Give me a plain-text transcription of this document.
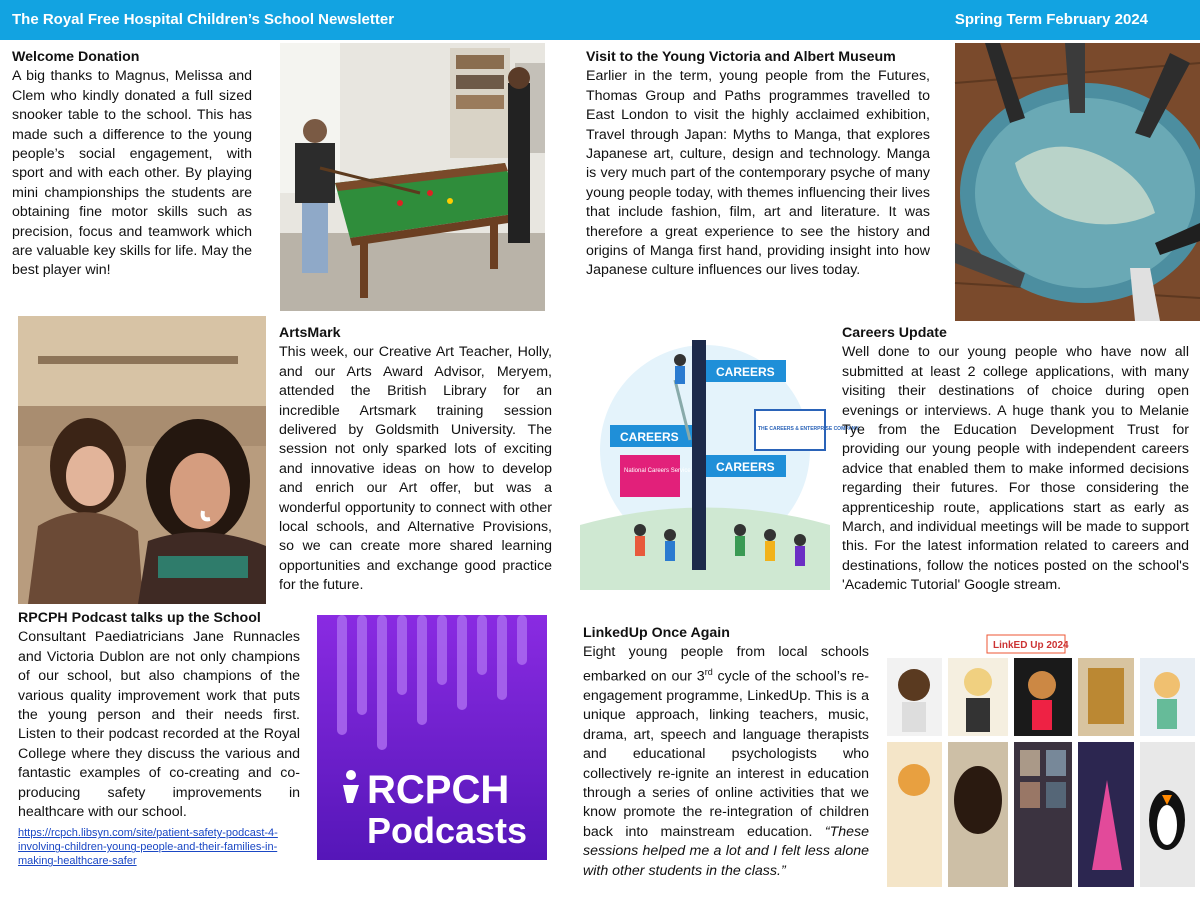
The Royal Free Hospital Children’s School Newsletter	Spring Term February 2024
Welcome Donation

A big thanks to Magnus, Melissa and Clem who kindly donated a full sized snooker table to the school. This has made such a difference to the young people’s social engagement, with sport and with each other. By playing mini championships the students are obtaining fine motor skills such as precision, focus and teamwork which are valuable key skills for life. May the best player win!

Visit to the Young Victoria and Albert Museum

Earlier in the term, young people from the Futures, Thomas Group and Paths programmes travelled to East London to visit the highly acclaimed exhibition, Travel through Japan: Myths to Manga, that explores Japanese art, culture, design and technology. Manga is very much part of the contemporary psyche of many young people today, with themes influencing their lives that include fashion, film, art and literature. It was therefore a great experience to see the history and origins of Manga first hand, providing insight into how Japanese culture influences our lives today.

ArtsMark

This week, our Creative Art Teacher, Holly, and our Arts Award Advisor, Meryem, attended the British Library for an incredible Artsmark training session delivered by Goldsmith University. The session not only sparked lots of exciting and innovative ideas on how to develop and enrich our Art offer, but was a wonderful opportunity to connect with other local schools, and Alternative Provisions, so we can create more shared learning opportunities and exchange good practice for the future.

CAREERS
CAREERS
CAREERS
National Careers Service
THE CAREERS & ENTERPRISE COMPANY
Careers Update

Well done to our young people who have now all submitted at least 2 college applications, with many visiting their destinations of choice during open evenings or interviews. A huge thank you to Melanie Tye from the Education Development Trust for providing our young people with independent careers advice that enabled them to make informed decisions regarding their futures. For those considering the apprenticeship route, applications start as early as March, and individual meetings will be made to support this. For the latest information related to careers and destinations, follow the notices posted on the school's 'Academic Tutorial' Google stream.

RPCPH Podcast talks up the School

Consultant Paediatricians Jane Runnacles and Victoria Dublon are not only champions of our school, but also champions of the various quality improvement work that puts the young person and their needs first. Listen to their podcast recorded at the Royal College where they discuss the various and fantastic examples of co-creating and co-producing safety improvements in healthcare with our school.

https://rcpch.libsyn.com/site/patient-safety-podcast-4-involving-children-young-people-and-their-families-in-making-healthcare-safer
RCPCH
Podcasts
LinkedUp Once Again

Eight young people from local schools embarked on our 3rd cycle of the school’s re-engagement programme, LinkedUp. This is a unique approach, linking teachers, music, drama, art, speech and language therapists and educational psychologists who collectively re-ignite an interest in education through a series of online activities that we know promote the re-integration of children back into mainstream education. “These sessions helped me a lot and I felt less alone with other students in the class.”

LinkED Up 2024
